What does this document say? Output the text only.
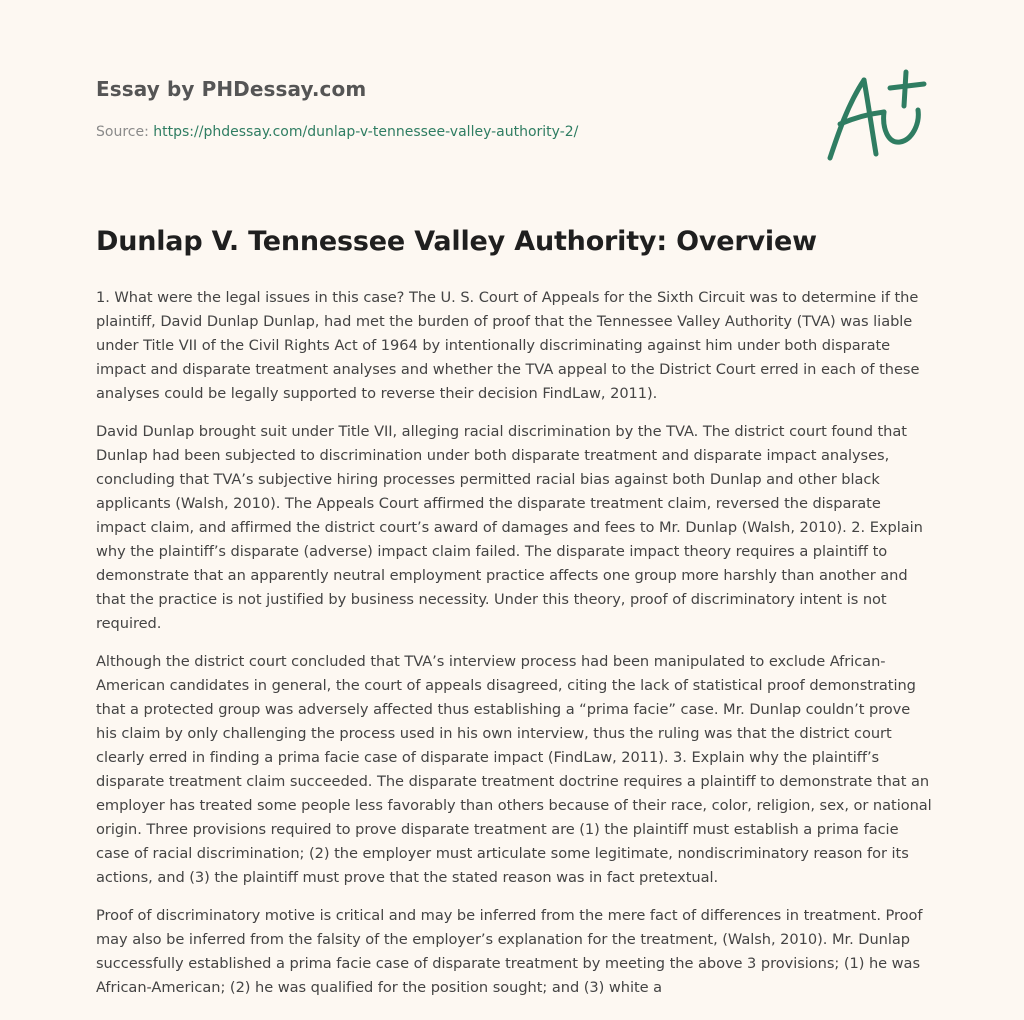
Essay by PHDessay.com

Source: https://phdessay.com/dunlap-v-tennessee-valley-authority-2/

Dunlap V. Tennessee Valley Authority: Overview

1. What were the legal issues in this case? The U. S. Court of Appeals for the Sixth Circuit was to determine if the plaintiff, David Dunlap Dunlap, had met the burden of proof that the Tennessee Valley Authority (TVA) was liable under Title VII of the Civil Rights Act of 1964 by intentionally discriminating against him under both disparate impact and disparate treatment analyses and whether the TVA appeal to the District Court erred in each of these analyses could be legally supported to reverse their decision FindLaw, 2011).

David Dunlap brought suit under Title VII, alleging racial discrimination by the TVA. The district court found that Dunlap had been subjected to discrimination under both disparate treatment and disparate impact analyses, concluding that TVA’s subjective hiring processes permitted racial bias against both Dunlap and other black applicants (Walsh, 2010). The Appeals Court affirmed the disparate treatment claim, reversed the disparate impact claim, and affirmed the district court’s award of damages and fees to Mr. Dunlap (Walsh, 2010). 2. Explain why the plaintiff’s disparate (adverse) impact claim failed. The disparate impact theory requires a plaintiff to demonstrate that an apparently neutral employment practice affects one group more harshly than another and that the practice is not justified by business necessity. Under this theory, proof of discriminatory intent is not required.

Although the district court concluded that TVA’s interview process had been manipulated to exclude African-American candidates in general, the court of appeals disagreed, citing the lack of statistical proof demonstrating that a protected group was adversely affected thus establishing a “prima facie” case. Mr. Dunlap couldn’t prove his claim by only challenging the process used in his own interview, thus the ruling was that the district court clearly erred in finding a prima facie case of disparate impact (FindLaw, 2011). 3. Explain why the plaintiff’s disparate treatment claim succeeded. The disparate treatment doctrine requires a plaintiff to demonstrate that an employer has treated some people less favorably than others because of their race, color, religion, sex, or national origin. Three provisions required to prove disparate treatment are (1) the plaintiff must establish a prima facie case of racial discrimination; (2) the employer must articulate some legitimate, nondiscriminatory reason for its actions, and (3) the plaintiff must prove that the stated reason was in fact pretextual.

Proof of discriminatory motive is critical and may be inferred from the mere fact of differences in treatment. Proof may also be inferred from the falsity of the employer’s explanation for the treatment, (Walsh, 2010). Mr. Dunlap successfully established a prima facie case of disparate treatment by meeting the above 3 provisions; (1) he was African-American; (2) he was qualified for the position sought; and (3) white a
